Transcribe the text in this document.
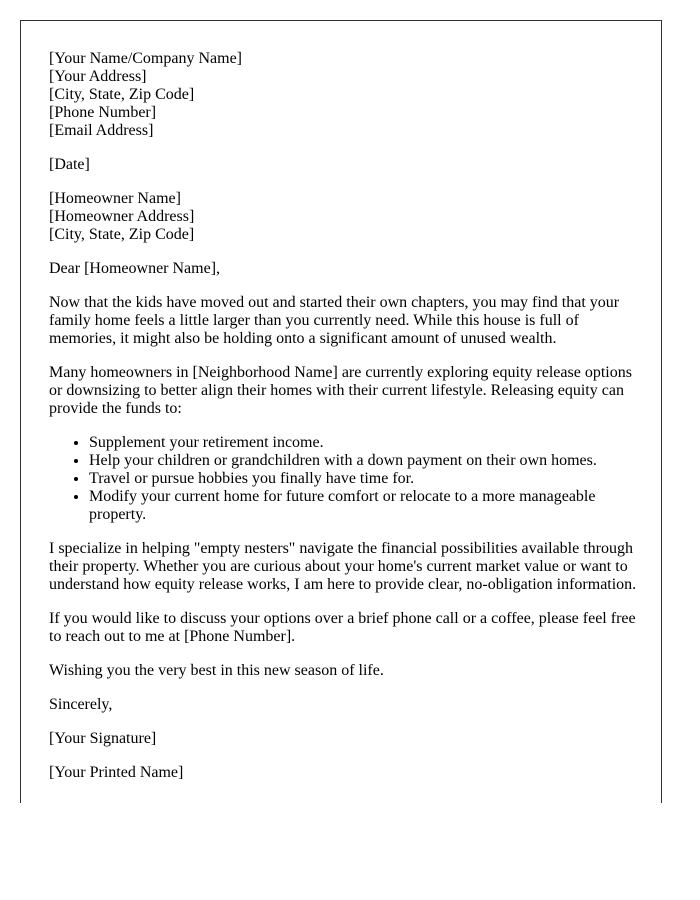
[Your Name/Company Name]
[Your Address]
[City, State, Zip Code]
[Phone Number]
[Email Address]

[Date]

[Homeowner Name]
[Homeowner Address]
[City, State, Zip Code]

Dear [Homeowner Name],

Now that the kids have moved out and started their own chapters, you may find that your family home feels a little larger than you currently need. While this house is full of memories, it might also be holding onto a significant amount of unused wealth.

Many homeowners in [Neighborhood Name] are currently exploring equity release options or downsizing to better align their homes with their current lifestyle. Releasing equity can provide the funds to:

• Supplement your retirement income.
• Help your children or grandchildren with a down payment on their own homes.
• Travel or pursue hobbies you finally have time for.
• Modify your current home for future comfort or relocate to a more manageable property.

I specialize in helping "empty nesters" navigate the financial possibilities available through their property. Whether you are curious about your home's current market value or want to understand how equity release works, I am here to provide clear, no-obligation information.

If you would like to discuss your options over a brief phone call or a coffee, please feel free to reach out to me at [Phone Number].

Wishing you the very best in this new season of life.

Sincerely,

[Your Signature]

[Your Printed Name]
